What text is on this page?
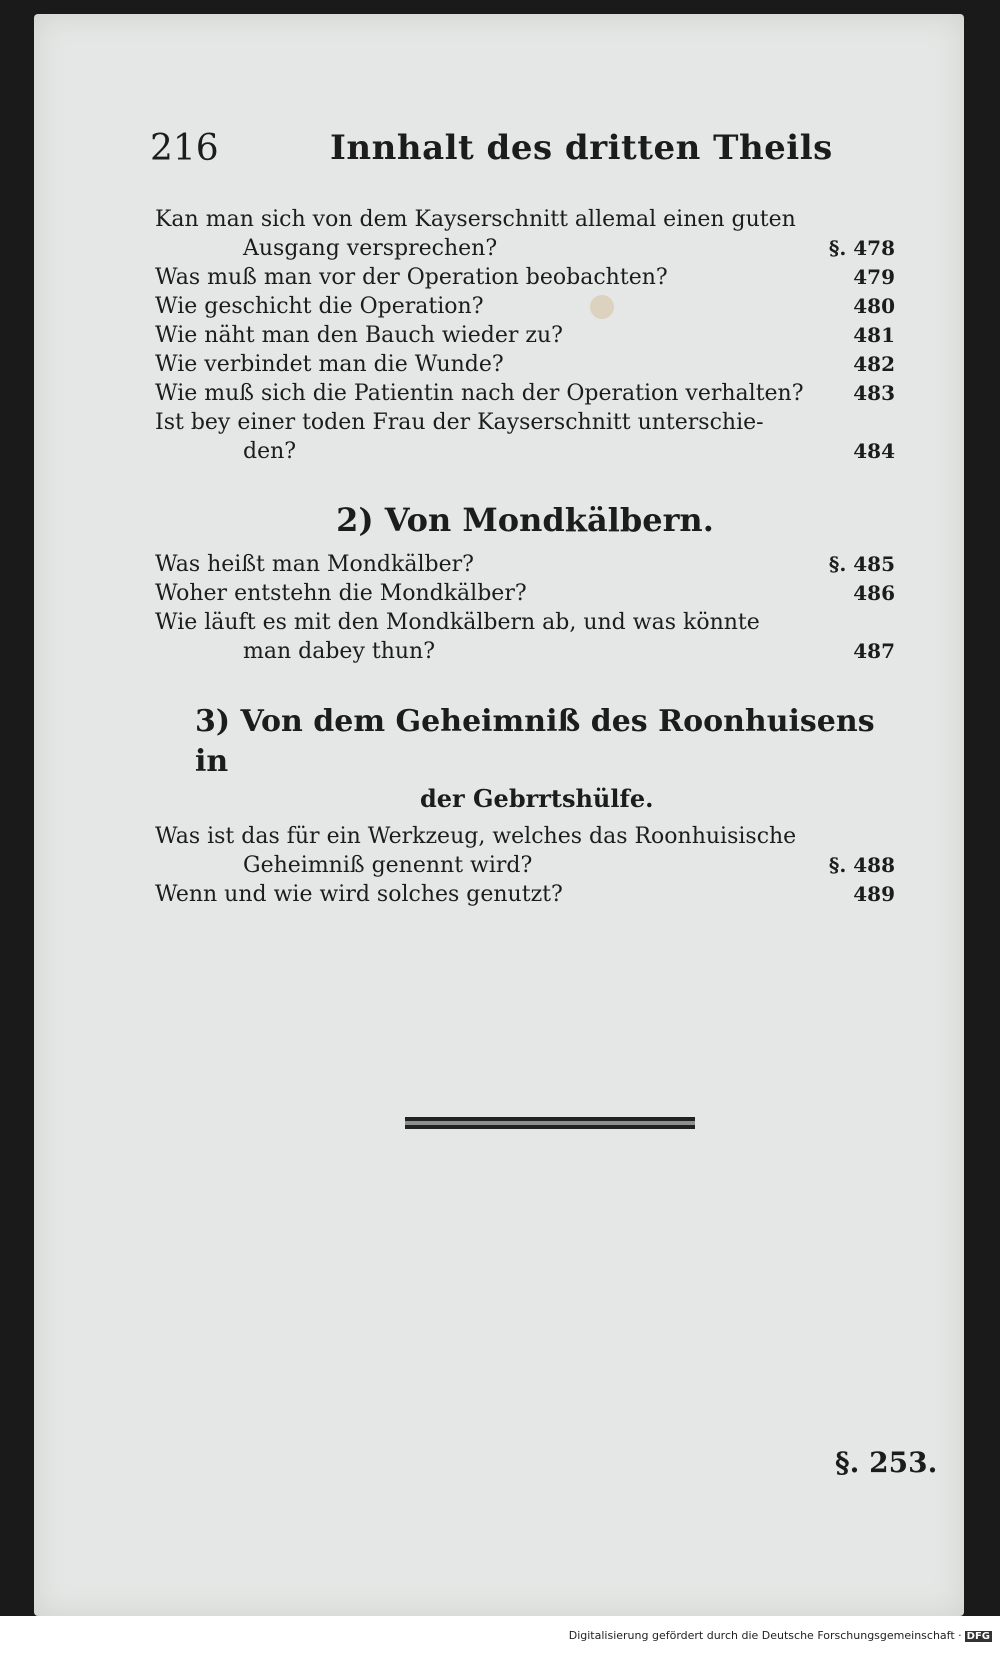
216	Innhalt des dritten Theils
Kan man sich von dem Kayserschnitt allemal einen guten
Ausgang versprechen?	§. 478
Was muß man vor der Operation beobachten?	479
Wie geschicht die Operation?	480
Wie näht man den Bauch wieder zu?	481
Wie verbindet man die Wunde?	482
Wie muß sich die Patientin nach der Operation verhalten?	483
Ist bey einer toden Frau der Kayserschnitt unterschie-
den?	484
2) Von Mondkälbern.
Was heißt man Mondkälber?	§. 485
Woher entstehn die Mondkälber?	486
Wie läuft es mit den Mondkälbern ab, und was könnte
man dabey thun?	487
3) Von dem Geheimniß des Roonhuisens in
der Gebrrtshülfe.
Was ist das für ein Werkzeug, welches das Roonhuisische
Geheimniß genennt wird?	§. 488
Wenn und wie wird solches genutzt?	489
§. 253.
Digitalisierung gefördert durch die Deutsche Forschungsgemeinschaft · DFG
